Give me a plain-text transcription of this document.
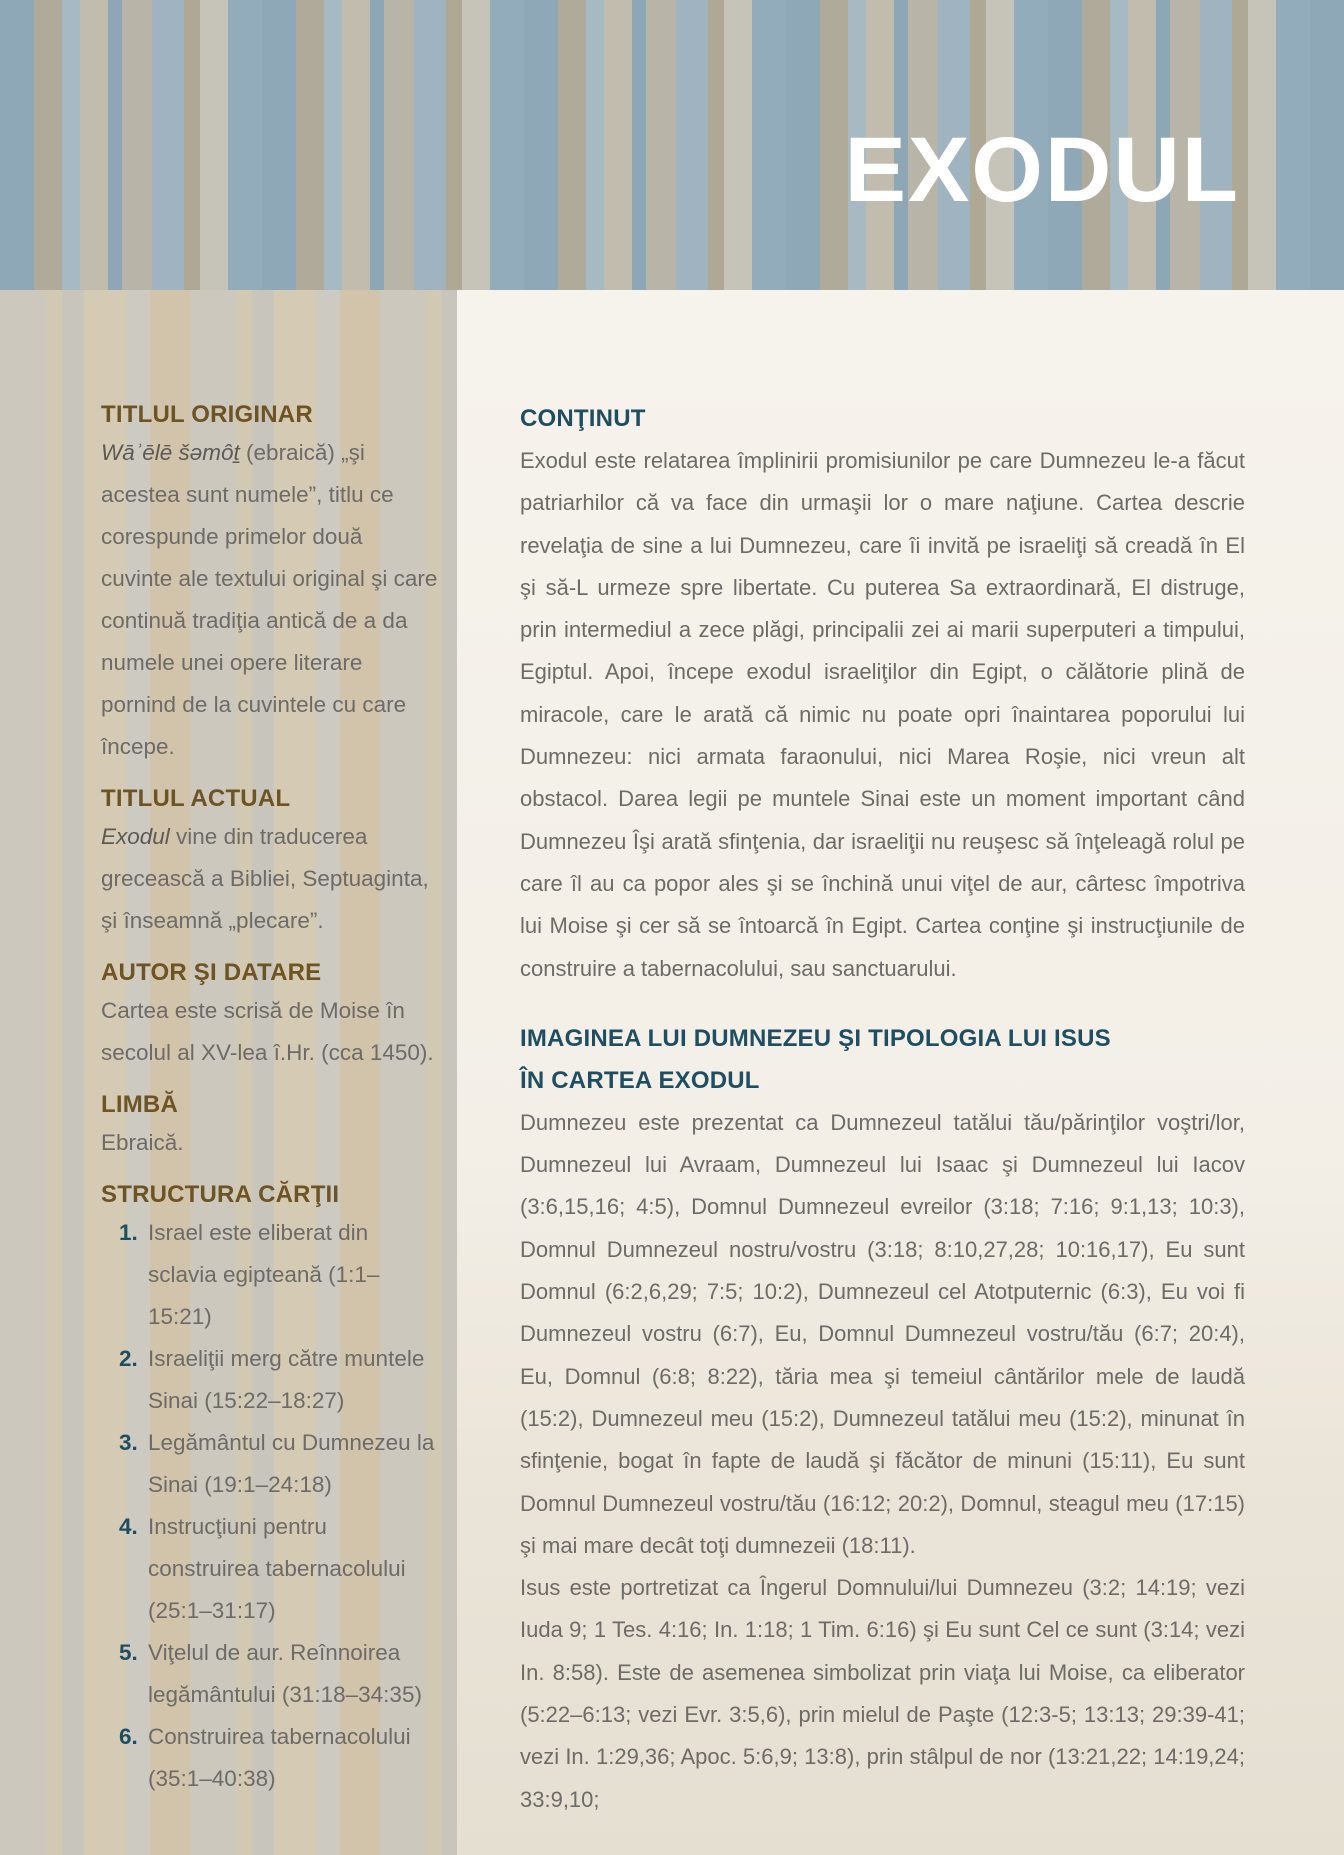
EXODUL
TITLUL ORIGINAR

Wāʾēlē šəmôṯ (ebraică) „şi acestea sunt numele”, titlu ce corespunde primelor două cuvinte ale textului original şi care continuă tradiţia antică de a da numele unei opere literare pornind de la cuvintele cu care începe.

TITLUL ACTUAL

Exodul vine din traducerea grecească a Bibliei, Septuaginta, şi înseamnă „plecare”.

AUTOR ŞI DATARE

Cartea este scrisă de Moise în secolul al XV-lea î.Hr. (cca 1450).

LIMBĂ

Ebraică.

STRUCTURA CĂRŢII
1. Israel este eliberat din sclavia egipteană (1:1–15:21)
2. Israeliţii merg către muntele Sinai (15:22–18:27)
3. Legământul cu Dumnezeu la Sinai (19:1–24:18)
4. Instrucţiuni pentru construirea tabernacolului (25:1–31:17)
5. Viţelul de aur. Reînnoirea legământului (31:18–34:35)
6. Construirea tabernacolului (35:1–40:38)
CONŢINUT

Exodul este relatarea împlinirii promisiunilor pe care Dumnezeu le-a făcut patriarhilor că va face din urmaşii lor o mare naţiune. Cartea descrie revelaţia de sine a lui Dumnezeu, care îi invită pe israeliţi să creadă în El şi să-L urmeze spre libertate. Cu puterea Sa extraordinară, El distruge, prin intermediul a zece plăgi, principalii zei ai marii superputeri a timpului, Egiptul. Apoi, începe exodul israeliţilor din Egipt, o călătorie plină de miracole, care le arată că nimic nu poate opri înaintarea poporului lui Dumnezeu: nici armata faraonului, nici Marea Roşie, nici vreun alt obstacol. Darea legii pe muntele Sinai este un moment important când Dumnezeu Îşi arată sfinţenia, dar israeliţii nu reuşesc să înţeleagă rolul pe care îl au ca popor ales şi se închină unui viţel de aur, cârtesc împotriva lui Moise şi cer să se întoarcă în Egipt. Cartea conţine şi instrucţiunile de construire a tabernacolului, sau sanctuarului.

IMAGINEA LUI DUMNEZEU ŞI TIPOLOGIA LUI ISUS
ÎN CARTEA EXODUL

Dumnezeu este prezentat ca Dumnezeul tatălui tău/părinţilor voştri/lor, Dumnezeul lui Avraam, Dumnezeul lui Isaac şi Dumnezeul lui Iacov (3:6,15,16; 4:5), Domnul Dumnezeul evreilor (3:18; 7:16; 9:1,13; 10:3), Domnul Dumnezeul nostru/vostru (3:18; 8:10,27,28; 10:16,17), Eu sunt Domnul (6:2,6,29; 7:5; 10:2), Dumnezeul cel Atotputernic (6:3), Eu voi fi Dumnezeul vostru (6:7), Eu, Domnul Dumnezeul vostru/tău (6:7; 20:4), Eu, Domnul (6:8; 8:22), tăria mea şi temeiul cântărilor mele de laudă (15:2), Dumnezeul meu (15:2), Dumnezeul tatălui meu (15:2), minunat în sfinţenie, bogat în fapte de laudă şi făcător de minuni (15:11), Eu sunt Domnul Dumnezeul vostru/tău (16:12; 20:2), Domnul, steagul meu (17:15) şi mai mare decât toţi dumnezeii (18:11).

Isus este portretizat ca Îngerul Domnului/lui Dumnezeu (3:2; 14:19; vezi Iuda 9; 1 Tes. 4:16; In. 1:18; 1 Tim. 6:16) şi Eu sunt Cel ce sunt (3:14; vezi In. 8:58). Este de asemenea simbolizat prin viaţa lui Moise, ca eliberator (5:22–6:13; vezi Evr. 3:5,6), prin mielul de Paşte (12:3-5; 13:13; 29:39-41; vezi In. 1:29,36; Apoc. 5:6,9; 13:8), prin stâlpul de nor (13:21,22; 14:19,24; 33:9,10;
